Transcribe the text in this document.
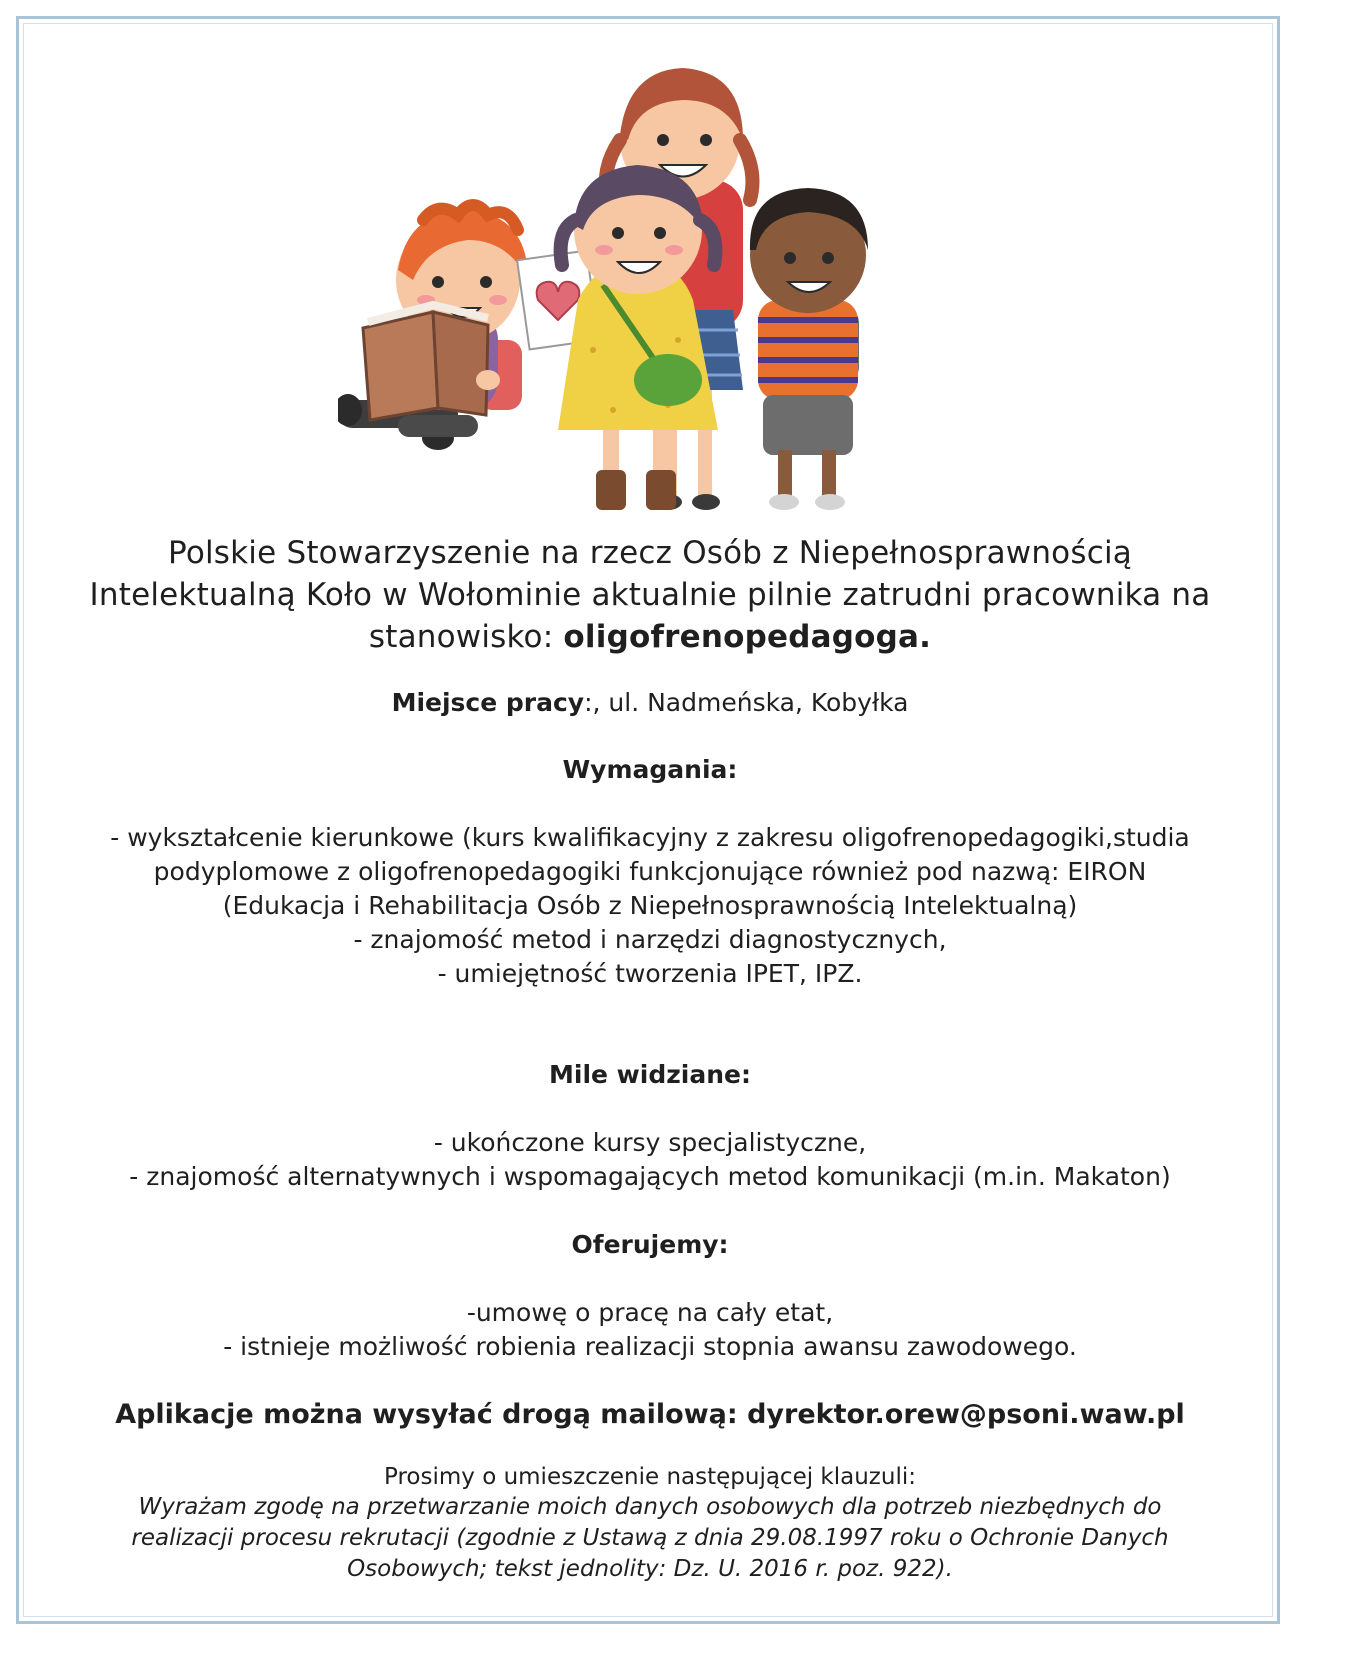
Polskie Stowarzyszenie na rzecz Osób z Niepełnosprawnością
Intelektualną Koło w Wołominie aktualnie pilnie zatrudni pracownika na
stanowisko: oligofrenopedagoga.
Miejsce pracy:, ul. Nadmeńska, Kobyłka
Wymagania:
- wykształcenie kierunkowe (kurs kwalifikacyjny z zakresu oligofrenopedagogiki,studia
podyplomowe z oligofrenopedagogiki funkcjonujące również pod nazwą: EIRON
(Edukacja i Rehabilitacja Osób z Niepełnosprawnością Intelektualną)
- znajomość metod i narzędzi diagnostycznych,
- umiejętność tworzenia IPET, IPZ.
Mile widziane:
- ukończone kursy specjalistyczne,
- znajomość alternatywnych i wspomagających metod komunikacji (m.in. Makaton)
Oferujemy:
-umowę o pracę na cały etat,
- istnieje możliwość robienia realizacji stopnia awansu zawodowego.
Aplikacje można wysyłać drogą mailową: dyrektor.orew@psoni.waw.pl
Prosimy o umieszczenie następującej klauzuli:
Wyrażam zgodę na przetwarzanie moich danych osobowych dla potrzeb niezbędnych do
realizacji procesu rekrutacji (zgodnie z Ustawą z dnia 29.08.1997 roku o Ochronie Danych
Osobowych; tekst jednolity: Dz. U. 2016 r. poz. 922).
